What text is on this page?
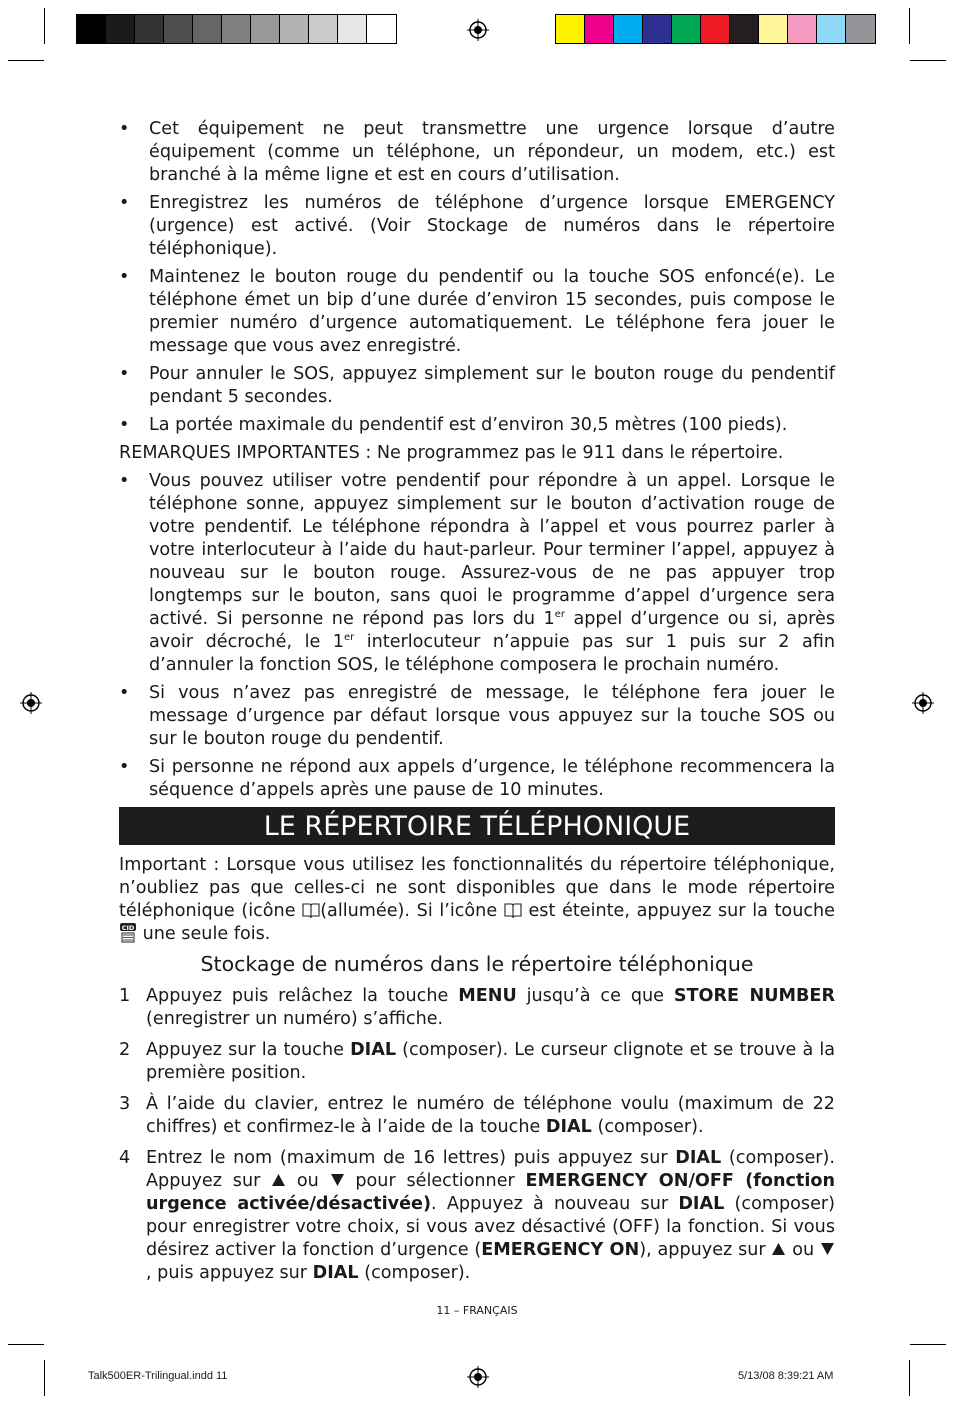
•	Cet équipement ne peut transmettre une urgence lorsque d’autre équipement (comme un téléphone, un répondeur, un modem, etc.) est branché à la même ligne et est en cours d’utilisation.
•	Enregistrez les numéros de téléphone d’urgence lorsque EMERGENCY (urgence) est activé. (Voir Stockage de numéros dans le répertoire téléphonique).
•	Maintenez le bouton rouge du pendentif ou la touche SOS enfoncé(e). Le téléphone émet un bip d’une durée d’environ 15 secondes, puis compose le premier numéro d’urgence automatiquement. Le téléphone fera jouer le message que vous avez enregistré.
•	Pour annuler le SOS, appuyez simplement sur le bouton rouge du pendentif pendant 5 secondes.
•	La portée maximale du pendentif est d’environ 30,5 mètres (100 pieds).
REMARQUES IMPORTANTES : Ne programmez pas le 911 dans le répertoire.
•	Vous pouvez utiliser votre pendentif pour répondre à un appel. Lorsque le téléphone sonne, appuyez simplement sur le bouton d’activation rouge de votre pendentif. Le téléphone répondra à l’appel et vous pourrez parler à votre interlocuteur à l’aide du haut-parleur. Pour terminer l’appel, appuyez à nouveau sur le bouton rouge. Assurez-vous de ne pas appuyer trop longtemps sur le bouton, sans quoi le programme d’appel d’urgence sera activé. Si personne ne répond pas lors du 1er appel d’urgence ou si, après avoir décroché, le 1er interlocuteur n’appuie pas sur 1 puis sur 2 afin d’annuler la fonction SOS, le téléphone composera le prochain numéro.
•	Si vous n’avez pas enregistré de message, le téléphone fera jouer le message d’urgence par défaut lorsque vous appuyez sur la touche SOS ou sur le bouton rouge du pendentif.
•	Si personne ne répond aux appels d’urgence, le téléphone recommencera la séquence d’appels après une pause de 10 minutes.
LE RÉPERTOIRE TÉLÉPHONIQUE
Important : Lorsque vous utilisez les fonctionnalités du répertoire téléphonique, n’oubliez pas que celles-ci ne sont disponibles que dans le mode répertoire téléphonique (icône (allumée). Si l’icône  est éteinte, appuyez sur la touche
CID une seule fois.
Stockage de numéros dans le répertoire téléphonique
1 Appuyez puis relâchez la touche MENU jusqu’à ce que STORE NUMBER (enregistrer un numéro) s’affiche.
2 Appuyez sur la touche DIAL (composer). Le curseur clignote et se trouve à la première position.
3 À l’aide du clavier, entrez le numéro de téléphone voulu (maximum de 22 chiffres) et confirmez-le à l’aide de la touche DIAL (composer).
4 Entrez le nom (maximum de 16 lettres) puis appuyez sur DIAL (composer). Appuyez sur  ou  pour sélectionner EMERGENCY ON/OFF (fonction urgence activée/désactivée). Appuyez à nouveau sur DIAL (composer) pour enregistrer votre choix, si vous avez désactivé (OFF) la fonction. Si vous désirez activer la fonction d’urgence (EMERGENCY ON), appuyez sur  ou , puis appuyez sur DIAL (composer).
11 – FRANÇAIS
Talk500ER-Trilingual.indd 11	5/13/08 8:39:21 AM
